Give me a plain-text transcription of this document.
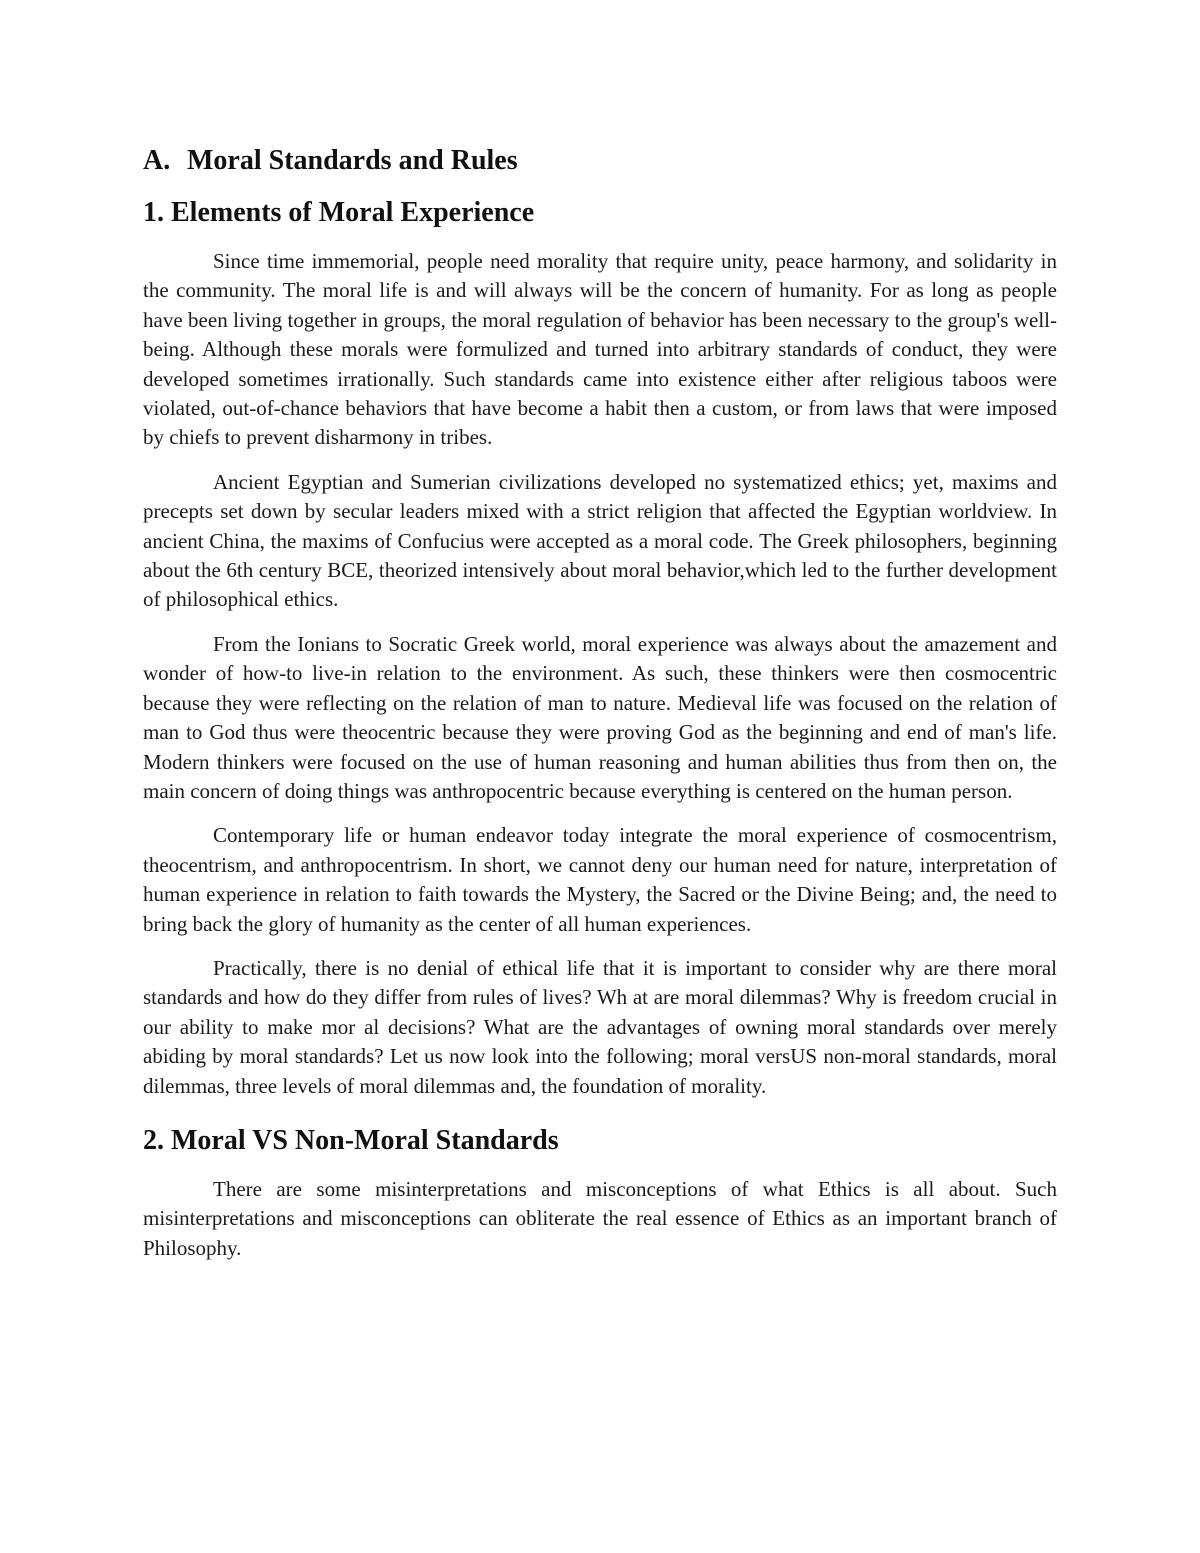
A. Moral Standards and Rules
1. Elements of Moral Experience

Since time immemorial, people need morality that require unity, peace harmony, and solidarity in the community. The moral life is and will always will be the concern of humanity. For as long as people have been living together in groups, the moral regulation of behavior has been necessary to the group's well-being. Although these morals were formulized and turned into arbitrary standards of conduct, they were developed sometimes irrationally. Such standards came into existence either after religious taboos were violated, out-of-chance behaviors that have become a habit then a custom, or from laws that were imposed by chiefs to prevent disharmony in tribes.

Ancient Egyptian and Sumerian civilizations developed no systematized ethics; yet, maxims and precepts set down by secular leaders mixed with a strict religion that affected the Egyptian worldview. In ancient China, the maxims of Confucius were accepted as a moral code. The Greek philosophers, beginning about the 6th century BCE, theorized intensively about moral behavior,which led to the further development of philosophical ethics.

From the Ionians to Socratic Greek world, moral experience was always about the amazement and wonder of how-to live-in relation to the environment. As such, these thinkers were then cosmocentric because they were reflecting on the relation of man to nature. Medieval life was focused on the relation of man to God thus were theocentric because they were proving God as the beginning and end of man's life. Modern thinkers were focused on the use of human reasoning and human abilities thus from then on, the main concern of doing things was anthropocentric because everything is centered on the human person.

Contemporary life or human endeavor today integrate the moral experience of cosmocentrism, theocentrism, and anthropocentrism. In short, we cannot deny our human need for nature, interpretation of human experience in relation to faith towards the Mystery, the Sacred or the Divine Being; and, the need to bring back the glory of humanity as the center of all human experiences.

Practically, there is no denial of ethical life that it is important to consider why are there moral standards and how do they differ from rules of lives? Wh at are moral dilemmas? Why is freedom crucial in our ability to make mor al decisions? What are the advantages of owning moral standards over merely abiding by moral standards? Let us now look into the following; moral versUS non-moral standards, moral dilemmas, three levels of moral dilemmas and, the foundation of morality.

2. Moral VS Non-Moral Standards

There are some misinterpretations and misconceptions of what Ethics is all about. Such misinterpretations and misconceptions can obliterate the real essence of Ethics as an important branch of Philosophy.
